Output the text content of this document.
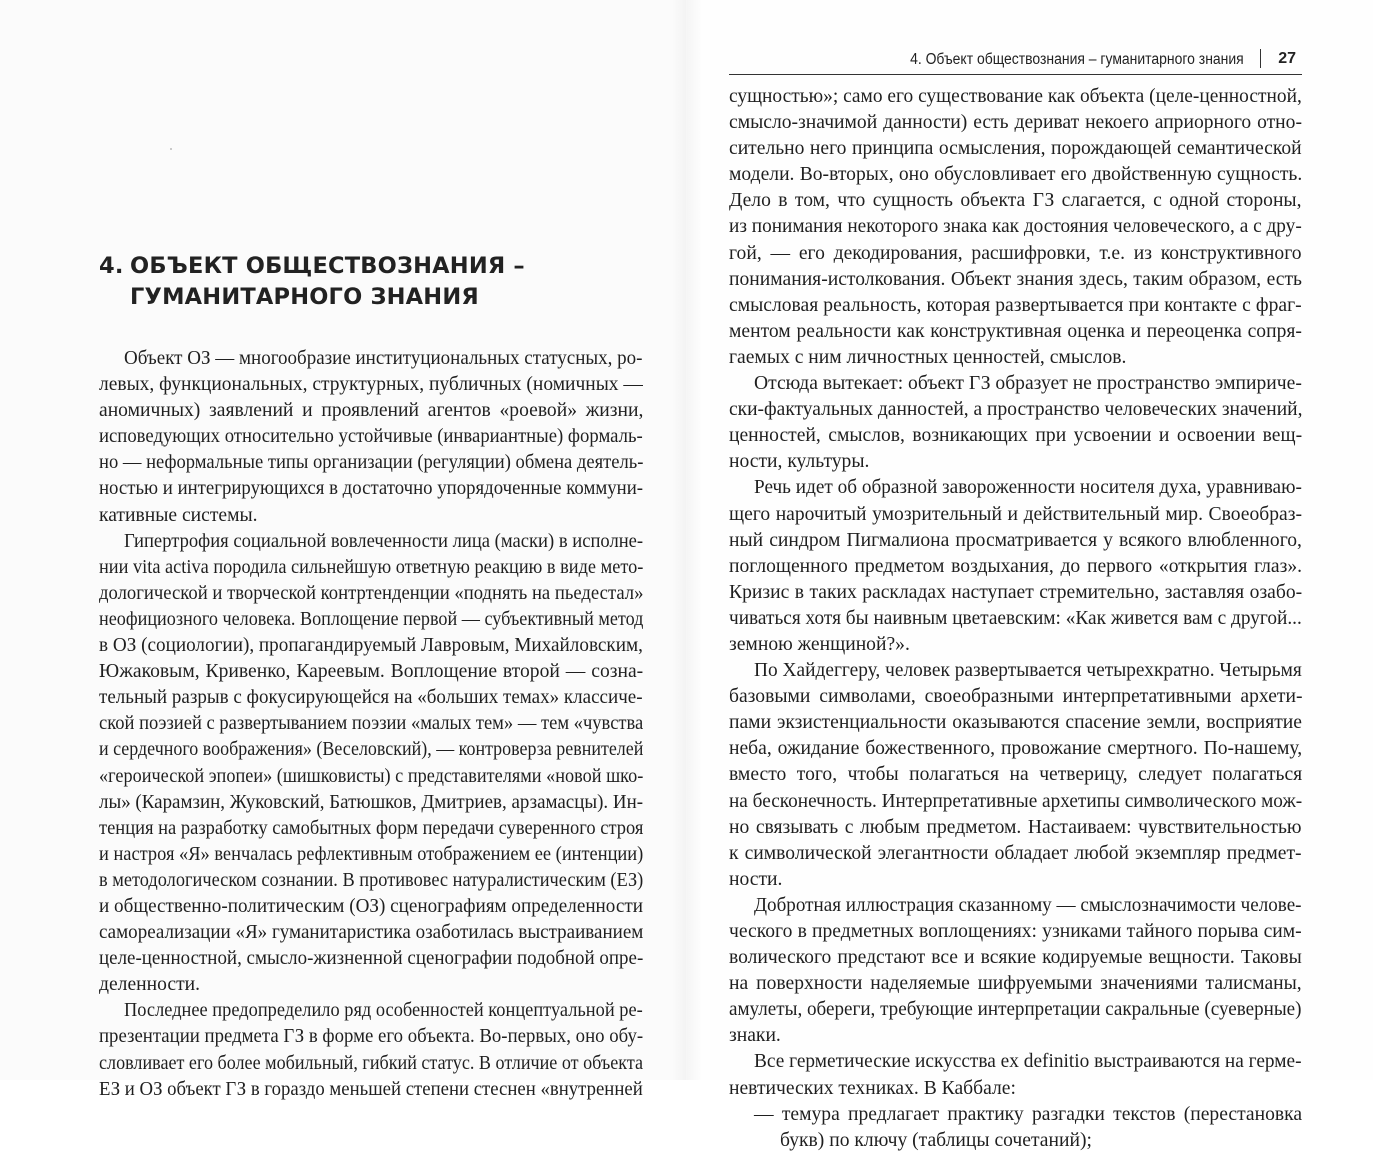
4. ОБЪЕКТ ОБЩЕСТВОЗНАНИЯ –
ГУМАНИТАРНОГО ЗНАНИЯ
Объект ОЗ — многообразие институциональных статусных, ро-
левых, функциональных, структурных, публичных (номичных —
аномичных) заявлений и проявлений агентов «роевой» жизни,
исповедующих относительно устойчивые (инвариантные) формаль-
но — неформальные типы организации (регуляции) обмена деятель-
ностью и интегрирующихся в достаточно упорядоченные коммуни-
кативные системы.
Гипертрофия социальной вовлеченности лица (маски) в исполне-
нии vita activa породила сильнейшую ответную реакцию в виде мето-
дологической и творческой контртенденции «поднять на пьедестал»
неофициозного человека. Воплощение первой — субъективный метод
в ОЗ (социологии), пропагандируемый Лавровым, Михайловским,
Южаковым, Кривенко, Кареевым. Воплощение второй — созна-
тельный разрыв с фокусирующейся на «больших темах» классиче-
ской поэзией с развертыванием поэзии «малых тем» — тем «чувства
и сердечного воображения» (Веселовский), — контроверза ревнителей
«героической эпопеи» (шишковисты) с представителями «новой шко-
лы» (Карамзин, Жуковский, Батюшков, Дмитриев, арзамасцы). Ин-
тенция на разработку самобытных форм передачи суверенного строя
и настроя «Я» венчалась рефлективным отображением ее (интенции)
в методологическом сознании. В противовес натуралистическим (ЕЗ)
и общественно-политическим (ОЗ) сценографиям определенности
самореализации «Я» гуманитаристика озаботилась выстраиванием
целе-ценностной, смысло-жизненной сценографии подобной опре-
деленности.
Последнее предопределило ряд особенностей концептуальной ре-
презентации предмета ГЗ в форме его объекта. Во-первых, оно обу-
словливает его более мобильный, гибкий статус. В отличие от объекта
ЕЗ и ОЗ объект ГЗ в гораздо меньшей степени стеснен «внутренней
4. Объект обществознания – гуманитарного знания 27
сущностью»; само его существование как объекта (целе-ценностной,
смысло-значимой данности) есть дериват некоего априорного отно-
сительно него принципа осмысления, порождающей семантической
модели. Во-вторых, оно обусловливает его двойственную сущность.
Дело в том, что сущность объекта ГЗ слагается, с одной стороны,
из понимания некоторого знака как достояния человеческого, а с дру-
гой, — его декодирования, расшифровки, т.е. из конструктивного
понимания-истолкования. Объект знания здесь, таким образом, есть
смысловая реальность, которая развертывается при контакте с фраг-
ментом реальности как конструктивная оценка и переоценка сопря-
гаемых с ним личностных ценностей, смыслов.
Отсюда вытекает: объект ГЗ образует не пространство эмпириче-
ски-фактуальных данностей, а пространство человеческих значений,
ценностей, смыслов, возникающих при усвоении и освоении вещ-
ности, культуры.
Речь идет об образной завороженности носителя духа, уравниваю-
щего нарочитый умозрительный и действительный мир. Своеобраз-
ный синдром Пигмалиона просматривается у всякого влюбленного,
поглощенного предметом воздыхания, до первого «открытия глаз».
Кризис в таких раскладах наступает стремительно, заставляя озабо-
чиваться хотя бы наивным цветаевским: «Как живется вам с другой...
земною женщиной?».
По Хайдеггеру, человек развертывается четырехкратно. Четырьмя
базовыми символами, своеобразными интерпретативными архети-
пами экзистенциальности оказываются спасение земли, восприятие
неба, ожидание божественного, провожание смертного. По-нашему,
вместо того, чтобы полагаться на четверицу, следует полагаться
на бесконечность. Интерпретативные архетипы символического мож-
но связывать с любым предметом. Настаиваем: чувствительностью
к символической элегантности обладает любой экземпляр предмет-
ности.
Добротная иллюстрация сказанному — смыслозначимости челове-
ческого в предметных воплощениях: узниками тайного порыва сим-
волического предстают все и всякие кодируемые вещности. Таковы
на поверхности наделяемые шифруемыми значениями талисманы,
амулеты, обереги, требующие интерпретации сакральные (суеверные)
знаки.
Все герметические искусства ex definitio выстраиваются на герме-
невтических техниках. В Каббале:
— темура предлагает практику разгадки текстов (перестановка
букв) по ключу (таблицы сочетаний);
